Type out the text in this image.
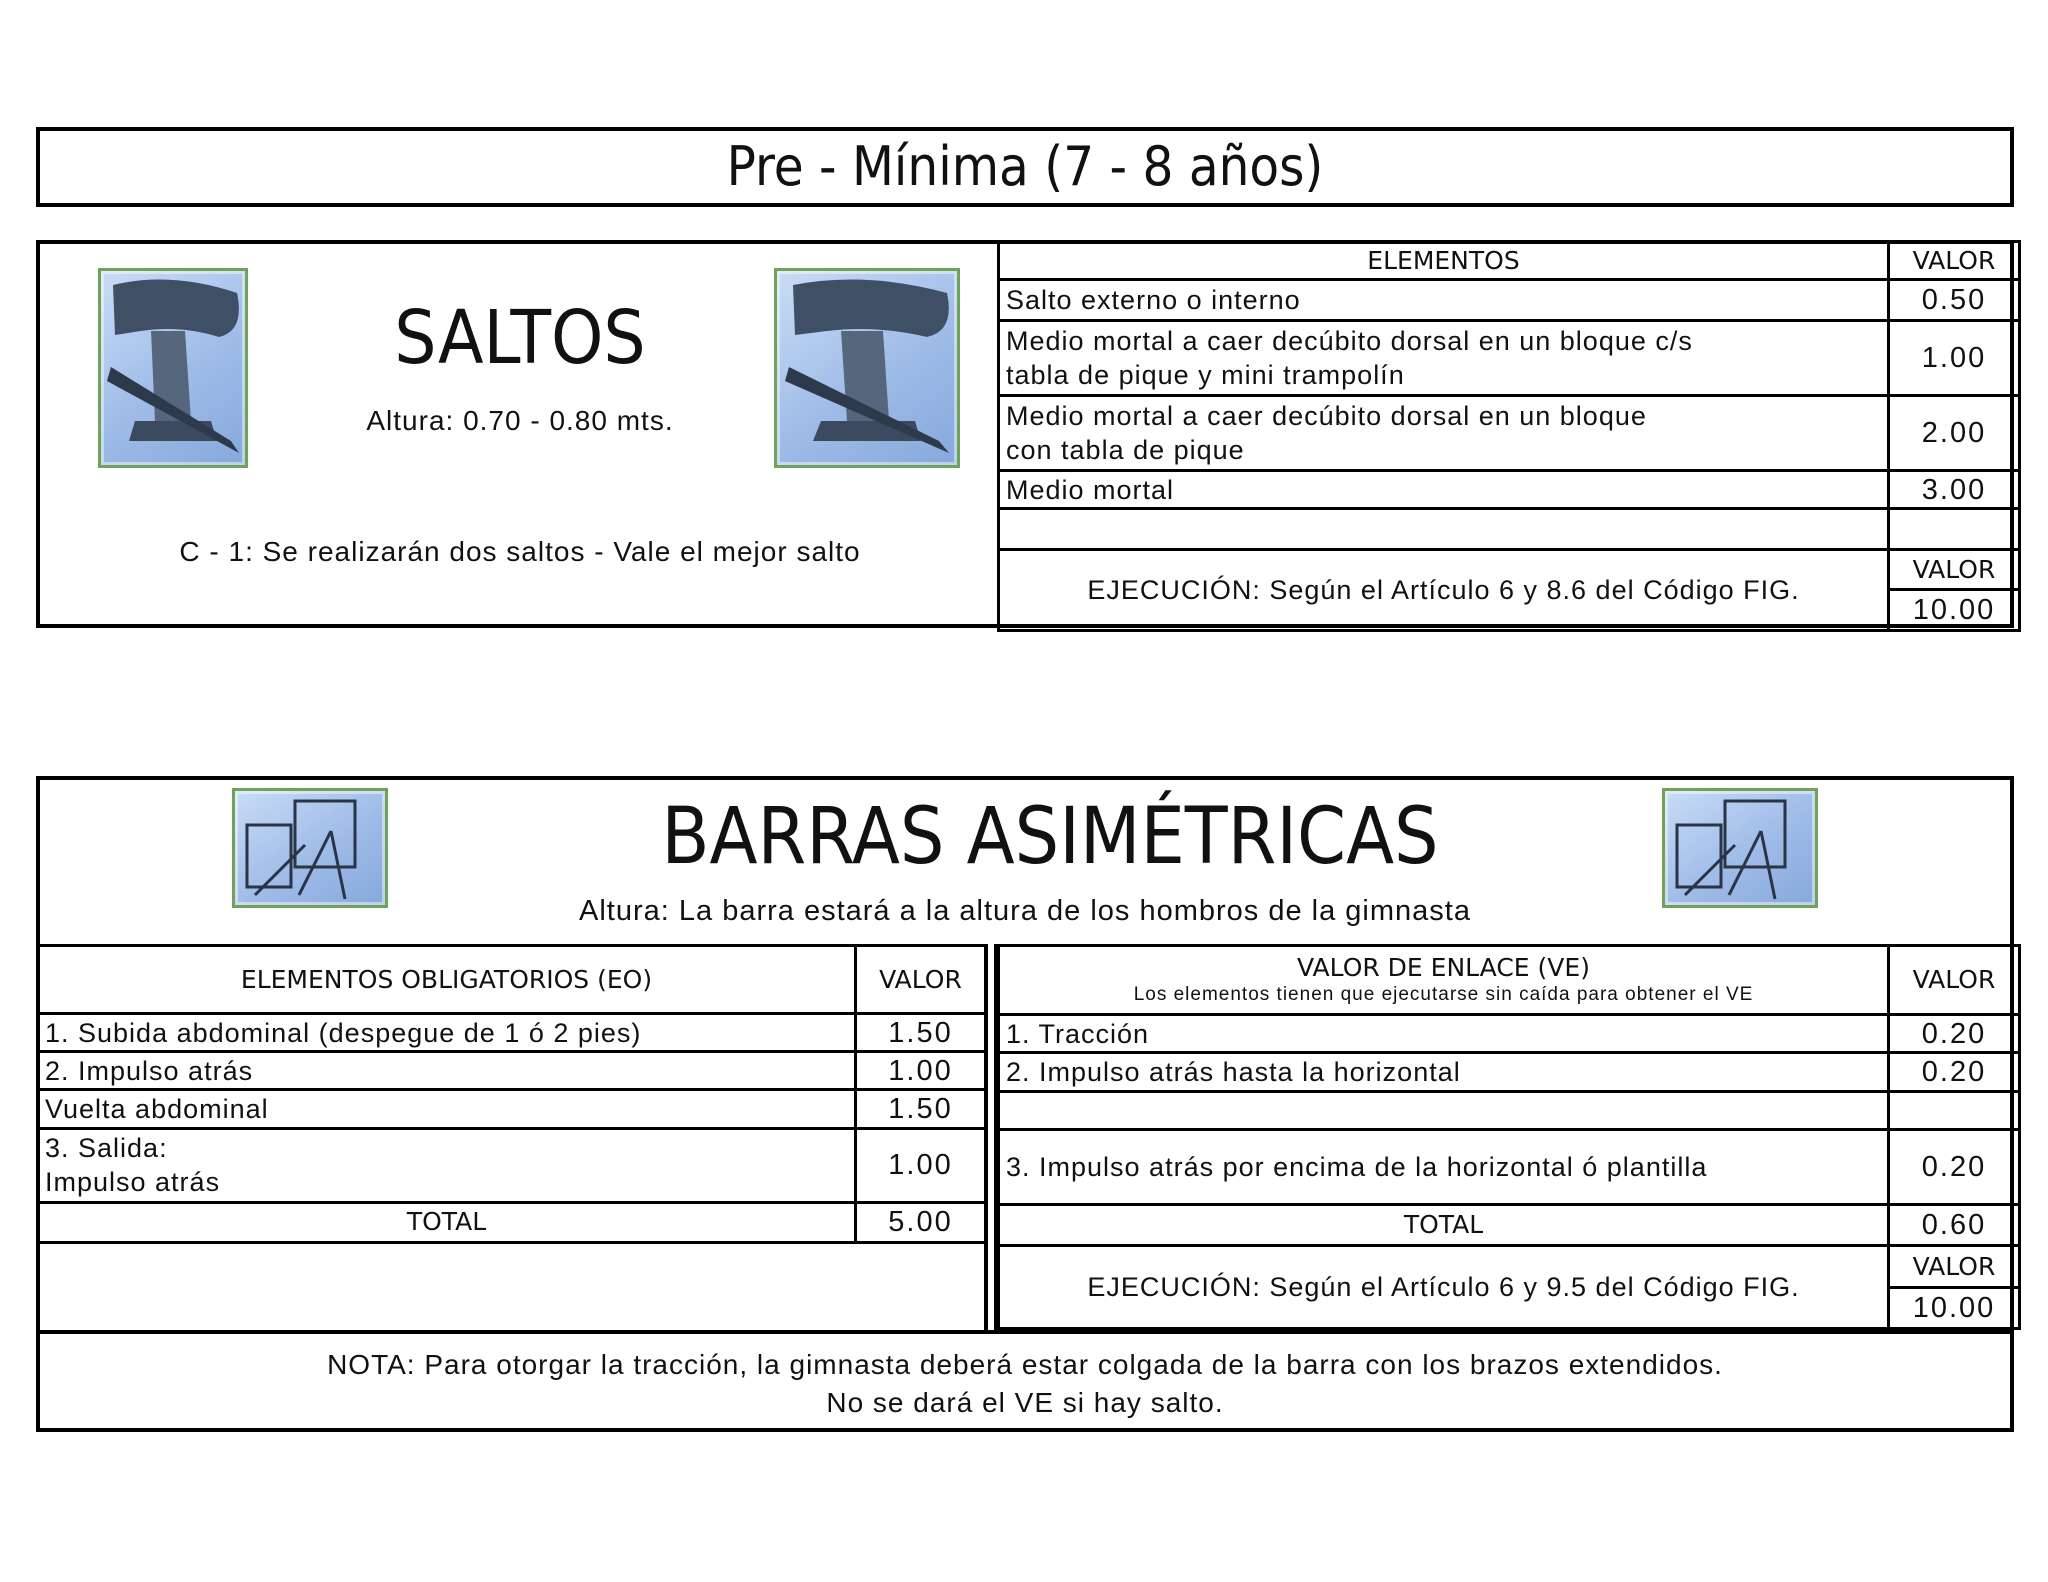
Pre - Mínima (7 - 8 años)
SALTOS
Altura: 0.70 - 0.80 mts.
C - 1: Se realizarán dos saltos - Vale el mejor salto
ELEMENTOS	VALOR
Salto externo o interno	0.50

Medio mortal a caer decúbito dorsal en un bloque c/s
tabla de pique y mini trampolín	1.00

Medio mortal a caer decúbito dorsal en un bloque
con tabla de pique	2.00
Medio mortal	3.00

EJECUCIÓN: Según el Artículo 6 y 8.6 del Código FIG.	VALOR
	10.00
BARRAS ASIMÉTRICAS
Altura: La barra estará a la altura de los hombros de la gimnasta
ELEMENTOS OBLIGATORIOS (EO)	VALOR
1. Subida abdominal (despegue de 1 ó 2 pies)	1.50
2. Impulso atrás	1.00
Vuelta abdominal	1.50

3. Salida:
Impulso atrás	1.00
TOTAL	5.00
VALOR DE ENLACE (VE)
Los elementos tienen que ejecutarse sin caída para obtener el VE	VALOR
1. Tracción	0.20
2. Impulso atrás hasta la horizontal	0.20

3. Impulso atrás por encima de la horizontal ó plantilla	0.20
TOTAL	0.60
EJECUCIÓN: Según el Artículo 6 y 9.5 del Código FIG.	VALOR
	10.00
NOTA: Para otorgar la tracción, la gimnasta deberá estar colgada de la barra con los brazos extendidos.
No se dará el VE si hay salto.
